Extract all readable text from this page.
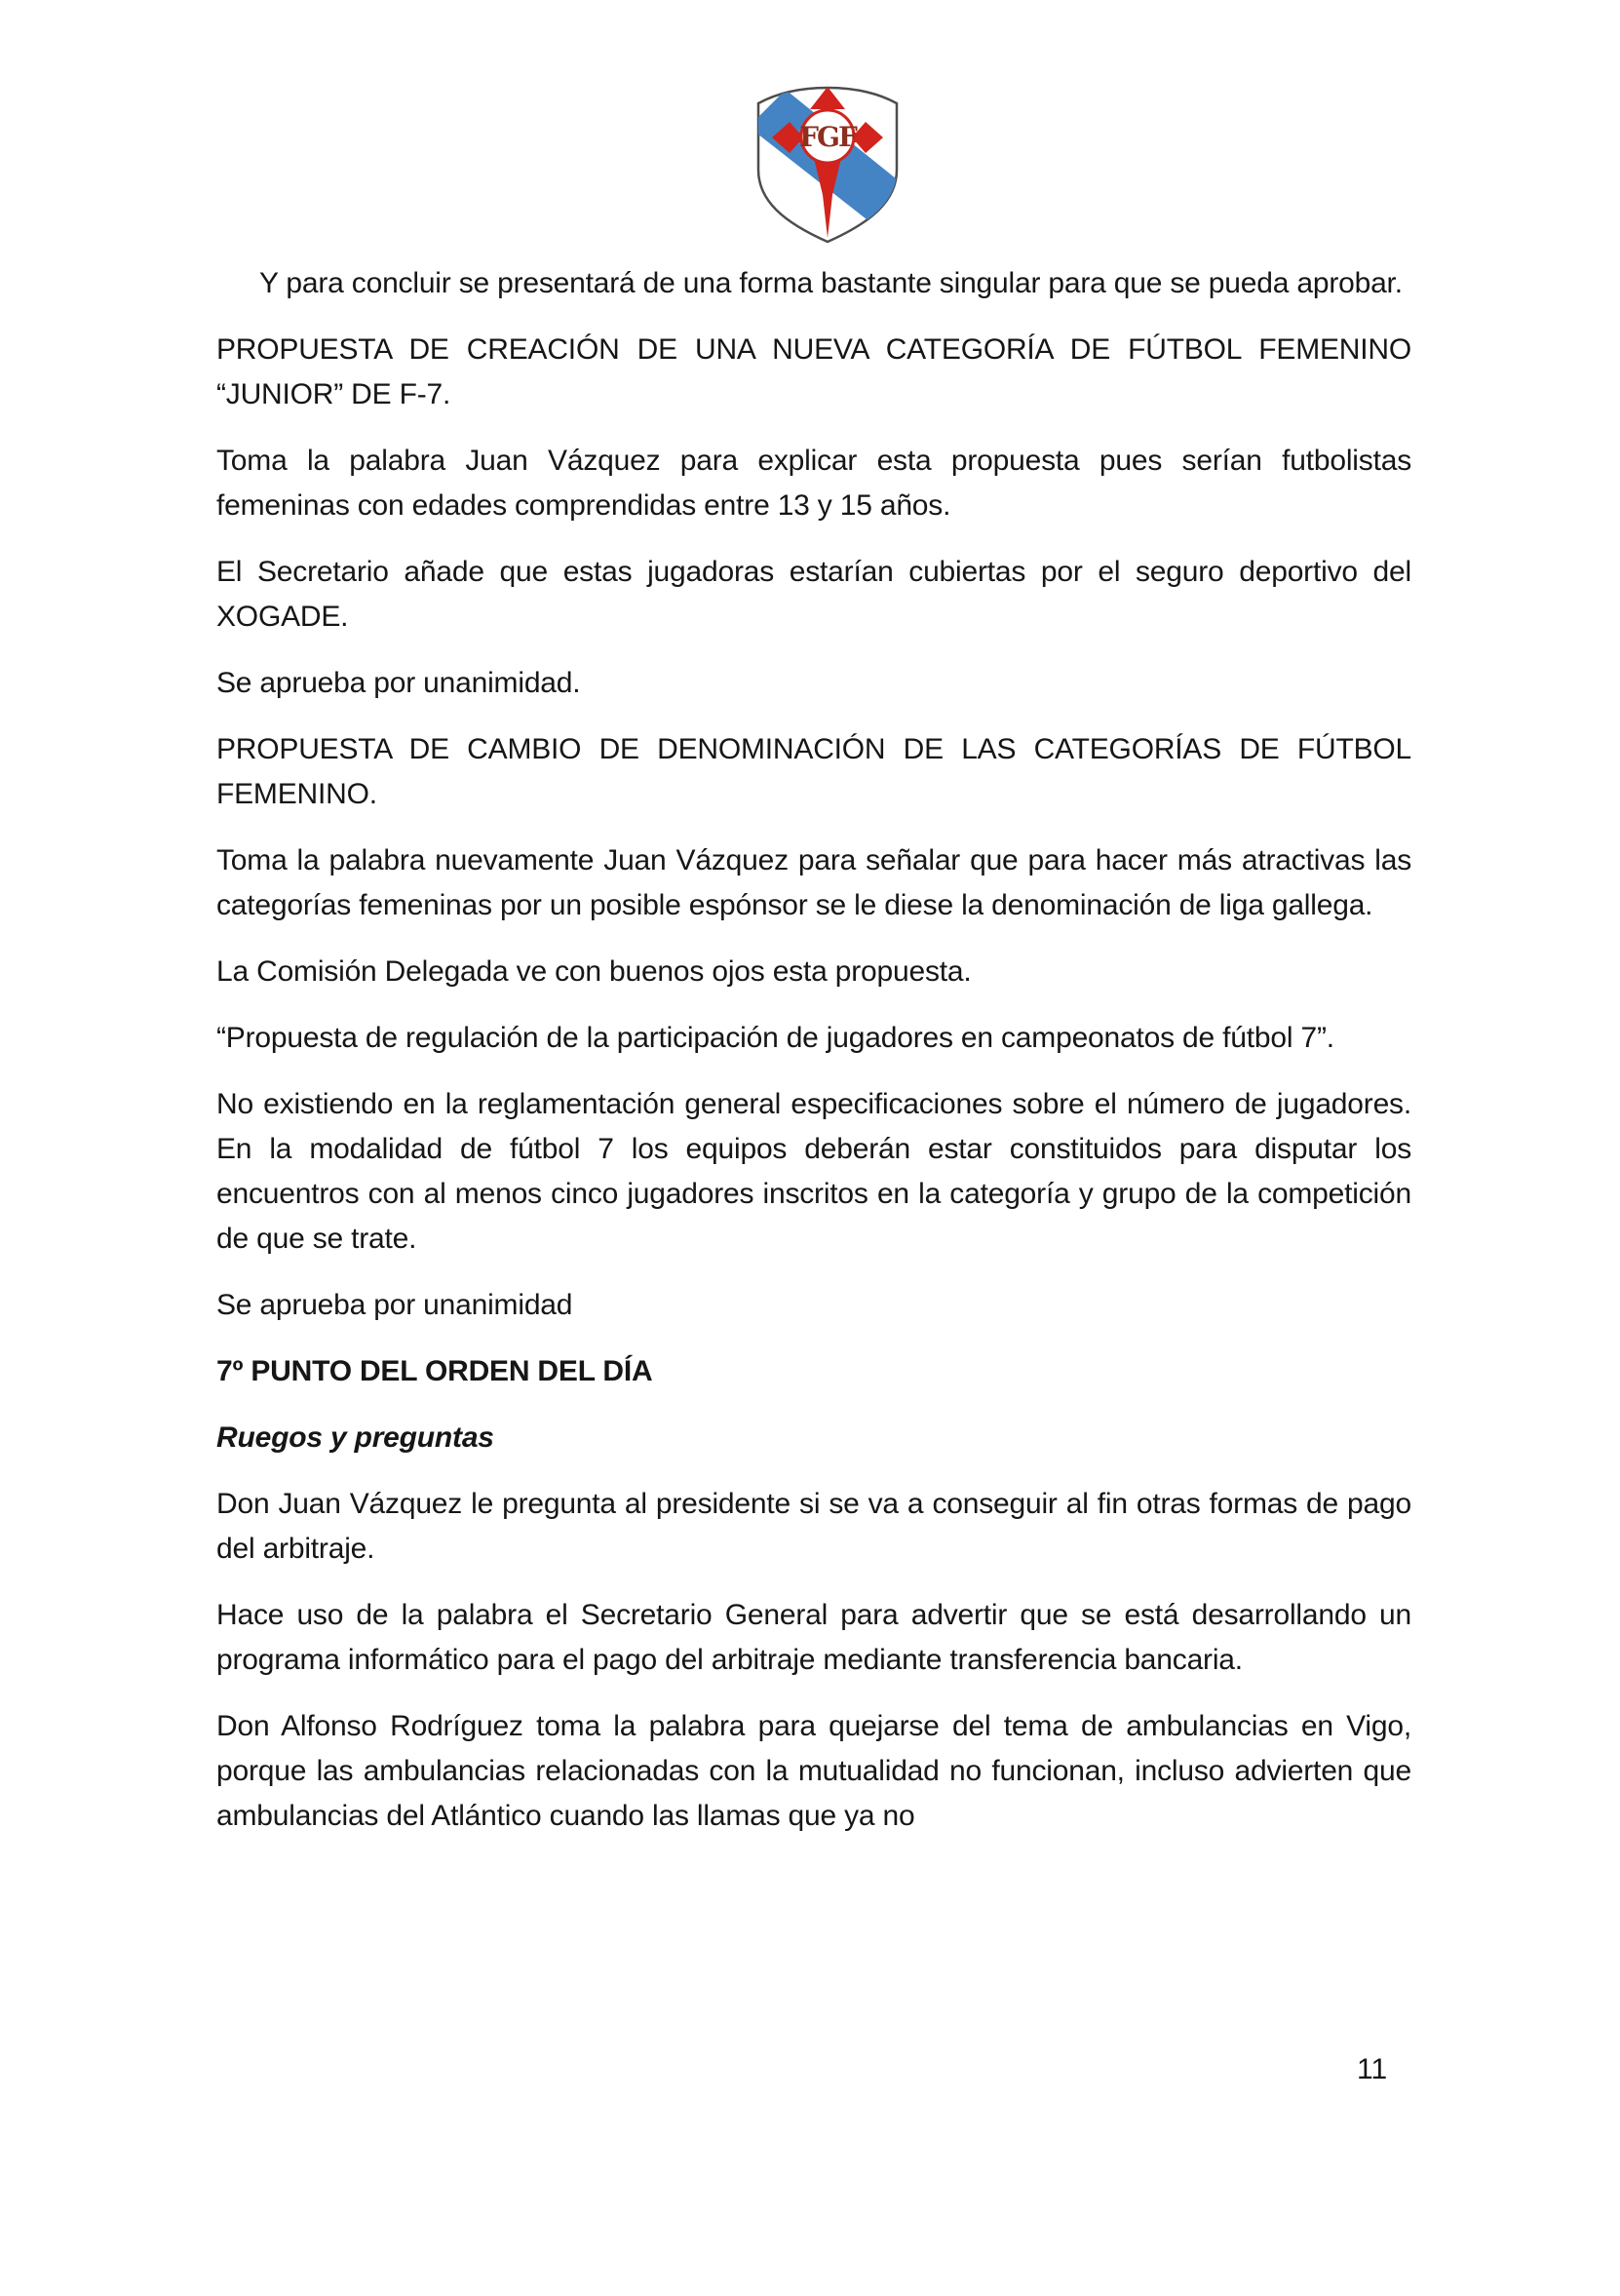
FGF

Y para concluir se presentará de una forma bastante singular para que se pueda aprobar.

PROPUESTA DE CREACIÓN DE UNA NUEVA CATEGORÍA DE FÚTBOL FEMENINO “JUNIOR” DE F-7.

Toma la palabra Juan Vázquez para explicar esta propuesta pues serían futbolistas femeninas con edades comprendidas entre 13 y 15 años.

El Secretario añade que estas jugadoras estarían cubiertas por el seguro deportivo del XOGADE.

Se aprueba por unanimidad.

PROPUESTA DE CAMBIO DE DENOMINACIÓN DE LAS CATEGORÍAS DE FÚTBOL FEMENINO.

Toma la palabra nuevamente Juan Vázquez para señalar que para hacer más atractivas las categorías femeninas por un posible espónsor se le diese la denominación de liga gallega.

La Comisión Delegada ve con buenos ojos esta propuesta.

“Propuesta de regulación de la participación de jugadores en campeonatos de fútbol 7”.

No existiendo en la reglamentación general especificaciones sobre el número de jugadores. En la modalidad de fútbol 7 los equipos deberán estar constituidos para disputar los encuentros con al menos cinco jugadores inscritos en la categoría y grupo de la competición de que se trate.

Se aprueba por unanimidad

7º PUNTO DEL ORDEN DEL DÍA

Ruegos y preguntas

Don Juan Vázquez le pregunta al presidente si se va a conseguir al fin otras formas de pago del arbitraje.

Hace uso de la palabra el Secretario General para advertir que se está desarrollando un programa informático para el pago del arbitraje mediante transferencia bancaria.

Don Alfonso Rodríguez toma la palabra para quejarse del tema de ambulancias en Vigo, porque las ambulancias relacionadas con la mutualidad no funcionan, incluso advierten que ambulancias del Atlántico cuando las llamas que ya no

11
